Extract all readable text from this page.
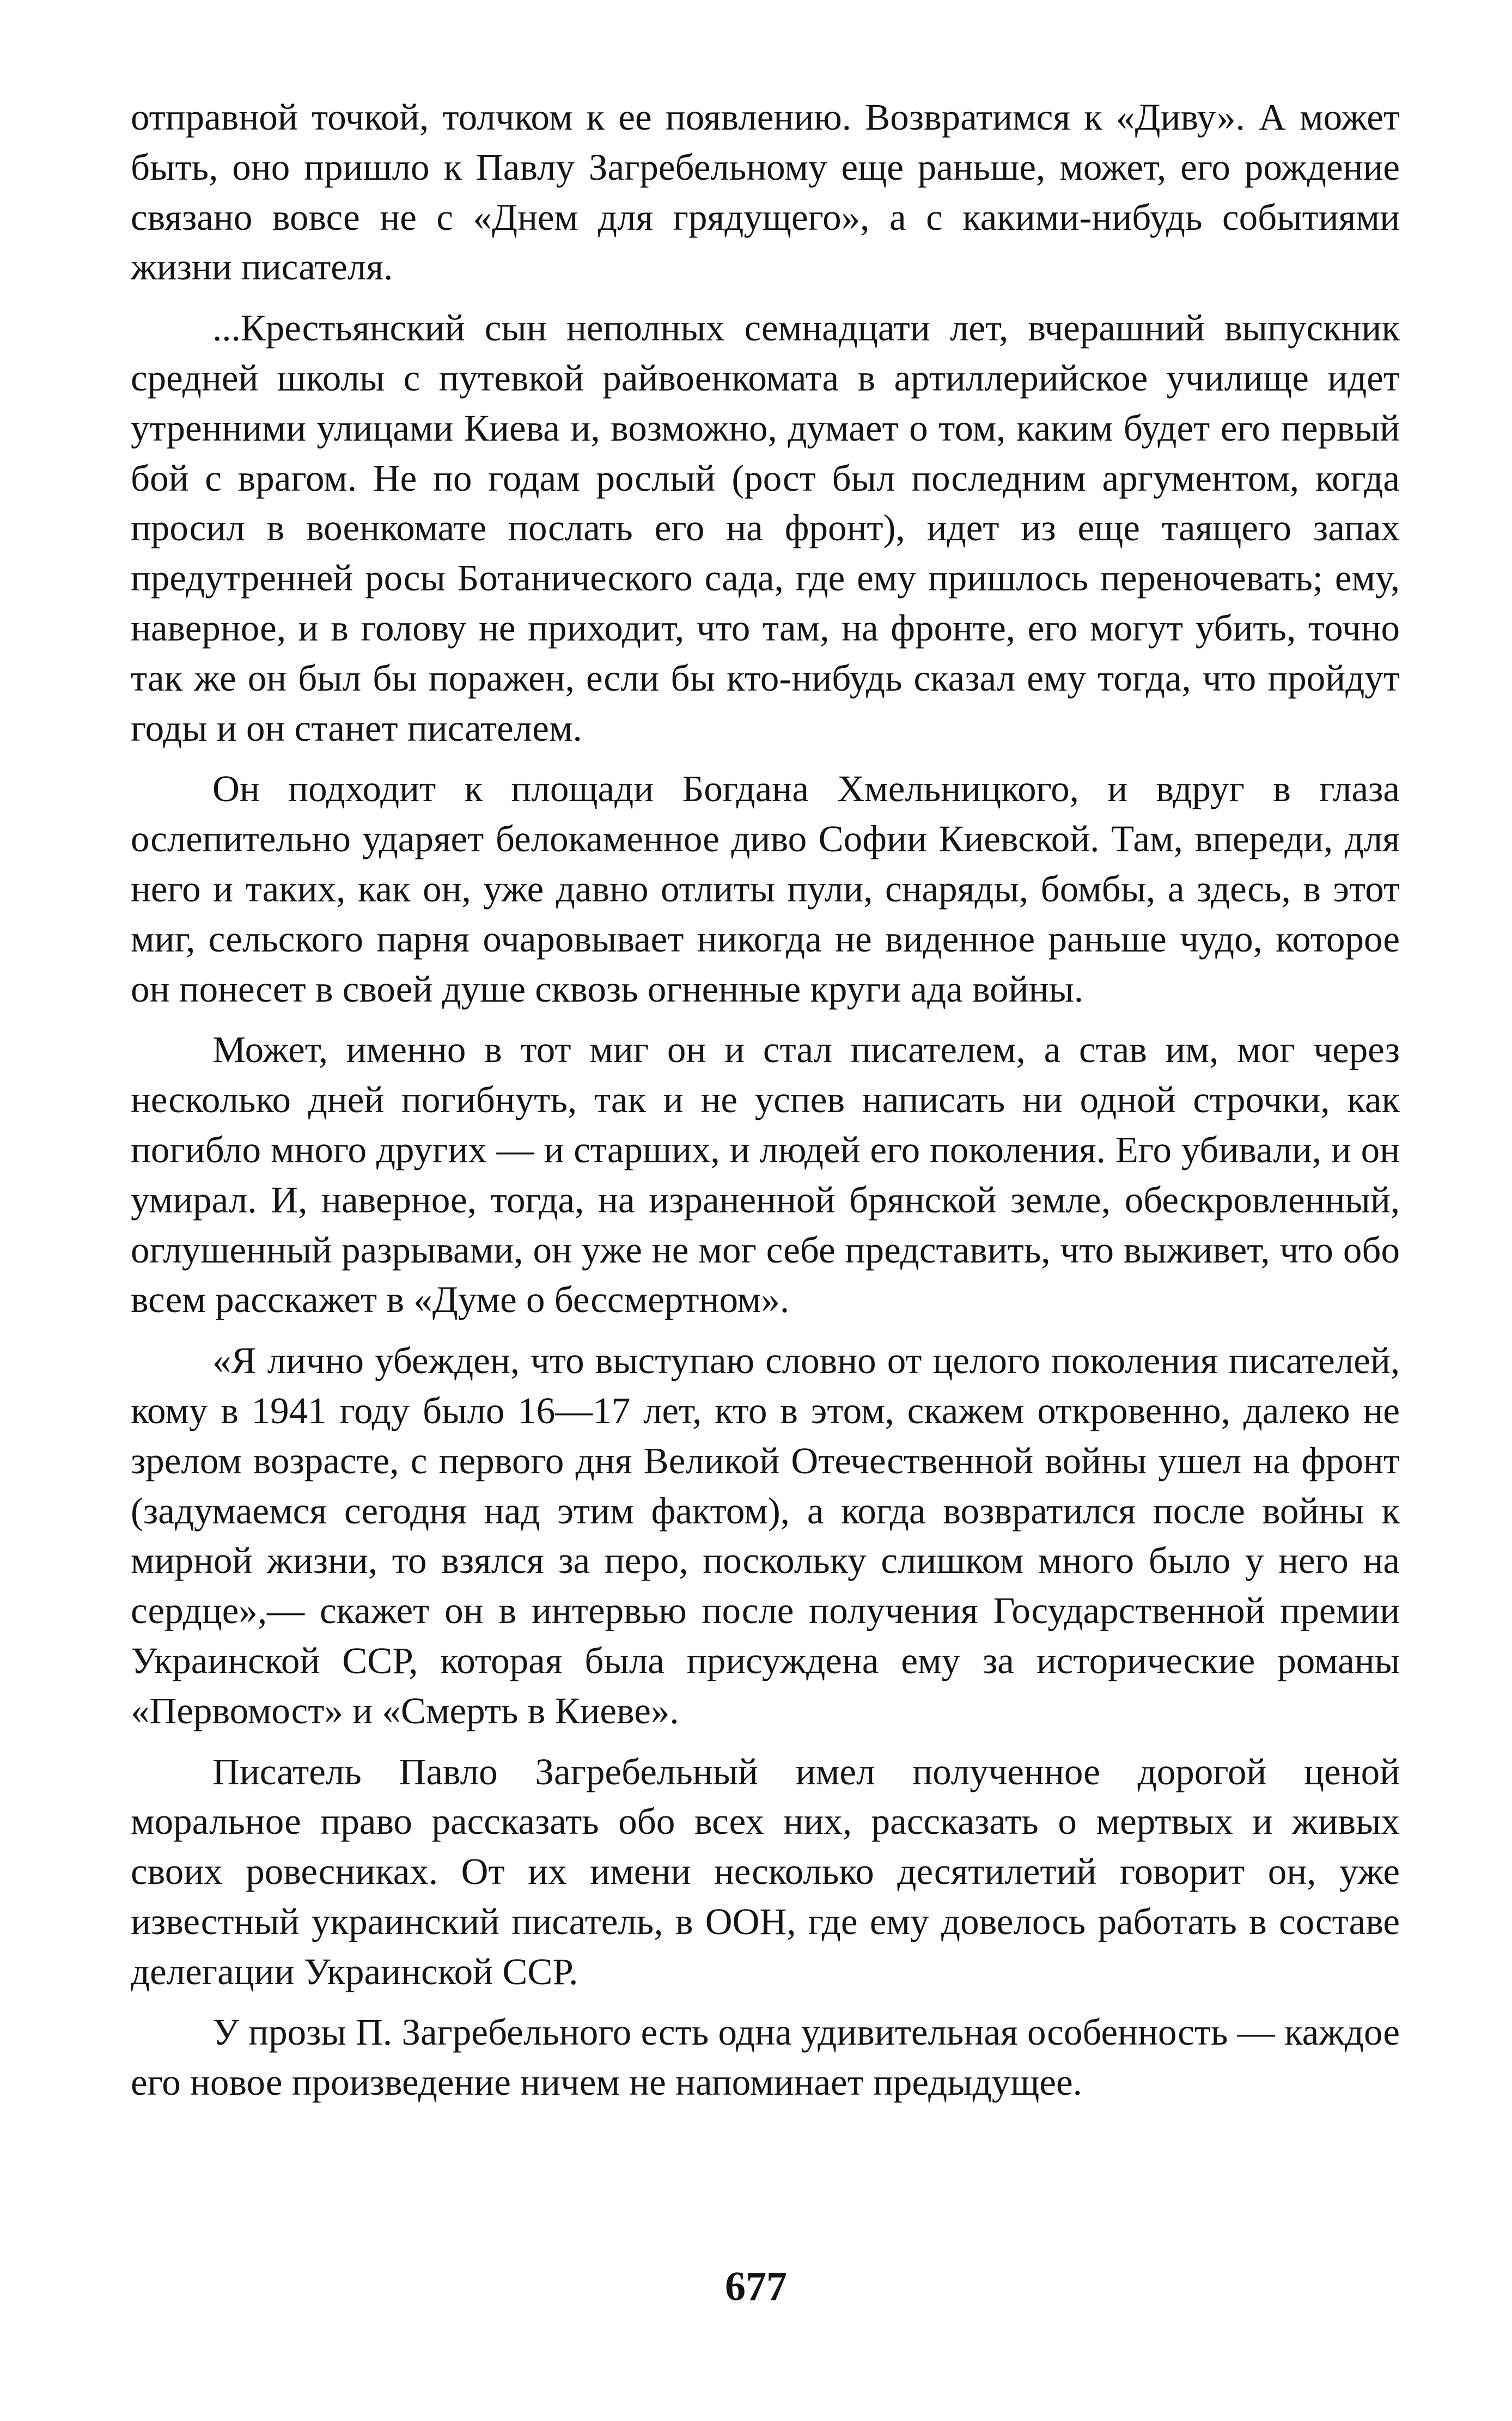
отправной точкой, толчком к ее появлению. Возвратимся к «Диву». А может быть, оно пришло к Павлу Загребельному еще раньше, может, его рождение связано вовсе не с «Днем для грядущего», а с какими-нибудь событиями жизни писателя.

...Крестьянский сын неполных семнадцати лет, вчерашний выпускник средней школы с путевкой райвоенкомата в артиллерийское училище идет утренними улицами Киева и, возможно, думает о том, каким будет его первый бой с врагом. Не по годам рослый (рост был последним аргументом, когда просил в военкомате послать его на фронт), идет из еще таящего запах предутренней росы Ботанического сада, где ему пришлось переночевать; ему, наверное, и в голову не приходит, что там, на фронте, его могут убить, точно так же он был бы поражен, если бы кто-нибудь сказал ему тогда, что пройдут годы и он станет писателем.

Он подходит к площади Богдана Хмельницкого, и вдруг в глаза ослепительно ударяет белокаменное диво Софии Киевской. Там, впереди, для него и таких, как он, уже давно отлиты пули, снаряды, бомбы, а здесь, в этот миг, сельского парня очаровывает никогда не виденное раньше чудо, которое он понесет в своей душе сквозь огненные круги ада войны.

Может, именно в тот миг он и стал писателем, а став им, мог через несколько дней погибнуть, так и не успев написать ни одной строчки, как погибло много других — и старших, и людей его поколения. Его убивали, и он умирал. И, наверное, тогда, на израненной брянской земле, обескровленный, оглушенный разрывами, он уже не мог себе представить, что выживет, что обо всем расскажет в «Думе о бессмертном».

«Я лично убежден, что выступаю словно от целого поколения писателей, кому в 1941 году было 16—17 лет, кто в этом, скажем откровенно, далеко не зрелом возрасте, с первого дня Великой Отечественной войны ушел на фронт (задумаемся сегодня над этим фактом), а когда возвратился после войны к мирной жизни, то взялся за перо, поскольку слишком много было у него на сердце»,— скажет он в интервью после получения Государственной премии Украинской ССР, которая была присуждена ему за исторические романы «Первомост» и «Смерть в Киеве».

Писатель Павло Загребельный имел полученное дорогой ценой моральное право рассказать обо всех них, рассказать о мертвых и живых своих ровесниках. От их имени несколько десятилетий говорит он, уже известный украинский писатель, в ООН, где ему довелось работать в составе делегации Украинской ССР.

У прозы П. Загребельного есть одна удивительная особенность — каждое его новое произведение ничем не напоминает предыдущее.

677
